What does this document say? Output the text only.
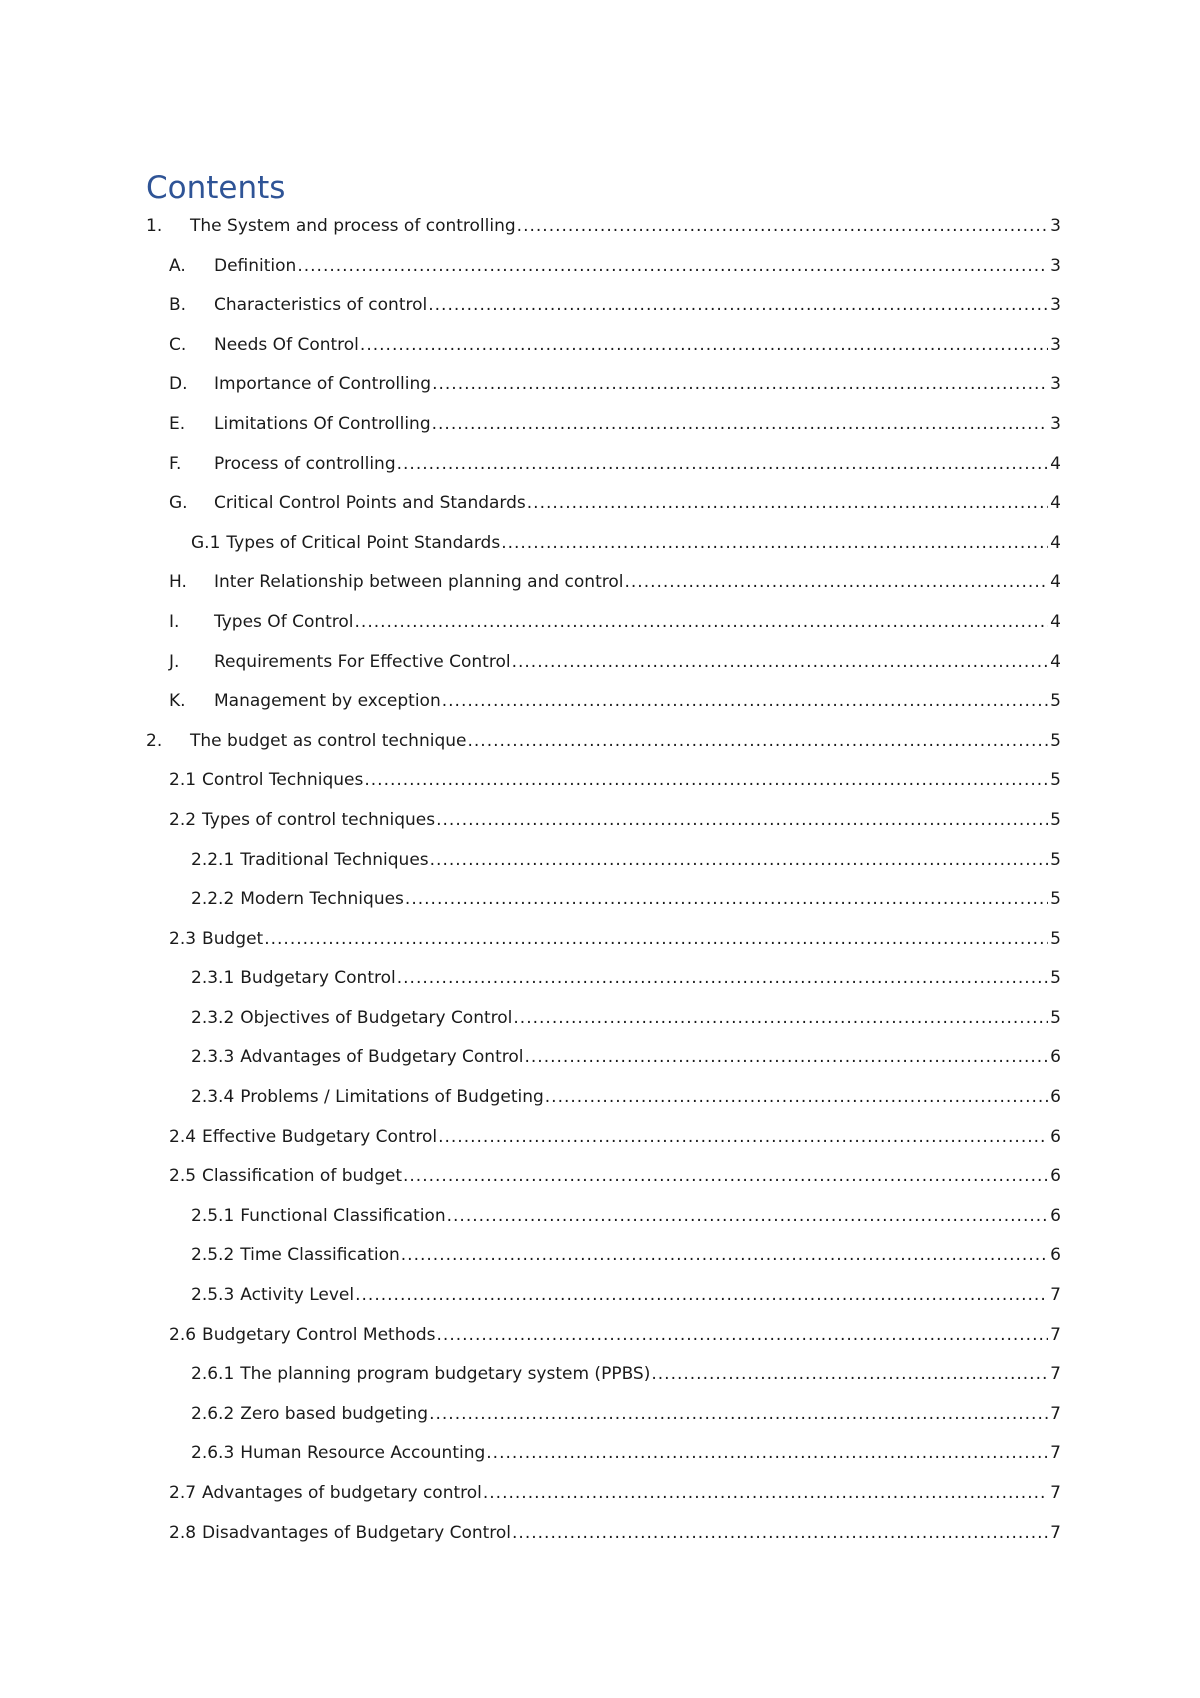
Contents
1.	The System and process of controlling .....	3
A.	Definition .....	3
B.	Characteristics of control .....	3
C.	Needs Of Control .....	3
D.	Importance of Controlling .....	3
E.	Limitations Of Controlling .....	3
F.	Process of controlling .....	4
G.	Critical Control Points and Standards .....	4
G.1 Types of Critical Point Standards .....	4
H.	Inter Relationship between planning and control .....	4
I.	Types Of Control .....	4
J.	Requirements For Effective Control .....	4
K.	Management by exception .....	5
2.	The budget as control technique .....	5
2.1 Control Techniques .....	5
2.2 Types of control techniques .....	5
2.2.1 Traditional Techniques .....	5
2.2.2 Modern Techniques .....	5
2.3 Budget .....	5
2.3.1 Budgetary Control .....	5
2.3.2 Objectives of Budgetary Control .....	5
2.3.3 Advantages of Budgetary Control .....	6
2.3.4 Problems / Limitations of Budgeting .....	6
2.4 Effective Budgetary Control .....	6
2.5 Classification of budget .....	6
2.5.1 Functional Classification .....	6
2.5.2 Time Classification .....	6
2.5.3 Activity Level .....	7
2.6 Budgetary Control Methods .....	7
2.6.1 The planning program budgetary system (PPBS) .....	7
2.6.2 Zero based budgeting .....	7
2.6.3 Human Resource Accounting .....	7
2.7 Advantages of budgetary control .....	7
2.8 Disadvantages of Budgetary Control .....	7
